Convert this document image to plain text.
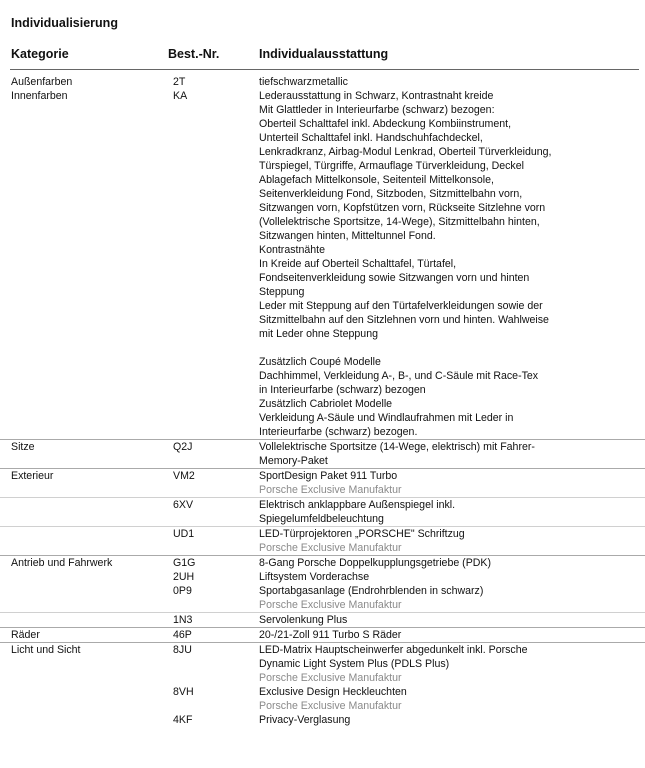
Individualisierung
Kategorie	Best.-Nr.	Individualausstattung
Außenfarben	2T	tiefschwarzmetallic
Innenfarben	KA	Lederausstattung in Schwarz, Kontrastnaht kreide
Mit Glattleder in Interieurfarbe (schwarz) bezogen:
Oberteil Schalttafel inkl. Abdeckung Kombiinstrument,
Unterteil Schalttafel inkl. Handschuhfachdeckel,
Lenkradkranz, Airbag-Modul Lenkrad, Oberteil Türverkleidung,
Türspiegel, Türgriffe, Armauflage Türverkleidung, Deckel
Ablagefach Mittelkonsole, Seitenteil Mittelkonsole,
Seitenverkleidung Fond, Sitzboden, Sitzmittelbahn vorn,
Sitzwangen vorn, Kopfstützen vorn, Rückseite Sitzlehne vorn
(Vollelektrische Sportsitze, 14-Wege), Sitzmittelbahn hinten,
Sitzwangen hinten, Mitteltunnel Fond.
Kontrastnähte
In Kreide auf Oberteil Schalttafel, Türtafel,
Fondseitenverkleidung sowie Sitzwangen vorn und hinten
Steppung
Leder mit Steppung auf den Türtafelverkleidungen sowie der
Sitzmittelbahn auf den Sitzlehnen vorn und hinten. Wahlweise
mit Leder ohne Steppung
Zusätzlich Coupé Modelle
Dachhimmel, Verkleidung A-, B-, und C-Säule mit Race-Tex
in Interieurfarbe (schwarz) bezogen
Zusätzlich Cabriolet Modelle
Verkleidung A-Säule und Windlaufrahmen mit Leder in
Interieurfarbe (schwarz) bezogen.
Sitze	Q2J	Vollelektrische Sportsitze (14-Wege, elektrisch) mit Fahrer-
Memory-Paket
Exterieur	VM2	SportDesign Paket 911 Turbo
Porsche Exclusive Manufaktur
6XV	Elektrisch anklappbare Außenspiegel inkl.
Spiegelumfeldbeleuchtung
UD1	LED-Türprojektoren „PORSCHE" Schriftzug
Porsche Exclusive Manufaktur
Antrieb und Fahrwerk	G1G	8-Gang Porsche Doppelkupplungsgetriebe (PDK)
2UH	Liftsystem Vorderachse
0P9	Sportabgasanlage (Endrohrblenden in schwarz)
Porsche Exclusive Manufaktur
1N3	Servolenkung Plus
Räder	46P	20-/21-Zoll 911 Turbo S Räder
Licht und Sicht	8JU	LED-Matrix Hauptscheinwerfer abgedunkelt inkl. Porsche
Dynamic Light System Plus (PDLS Plus)
Porsche Exclusive Manufaktur
8VH	Exclusive Design Heckleuchten
Porsche Exclusive Manufaktur
4KF	Privacy-Verglasung
